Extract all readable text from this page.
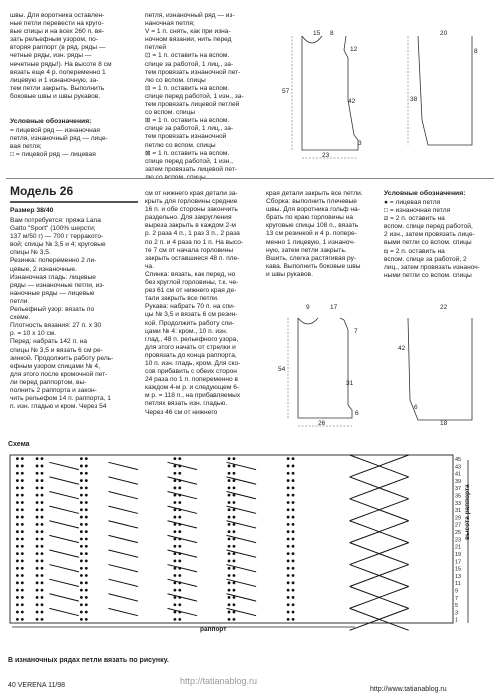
швы. Для воротника оставлен-
ные петли перевести на круго-
вые спицы и на всех 260 п. вя-
зать рельефным узором, по-
вторяя раппорт (в ряд. ряды —
четные ряды, изн. ряды —
нечетные ряды!). На высоте 8 см
вязать еще 4 р. попеременно 1
лицевую и 1 изнаночную, за-
тем петли закрыть. Выполнить
боковые швы и швы рукавов.
Условные обозначения:
= лицевой ряд — изнаночная
петля, изнаночный ряд — лице-
вая петля;
□ = лицевой ряд — лицевая
петля, изнаночный ряд — из-
наночная петля;
V = 1 п. снять, как при изна-
ночном вязании, нить перед
петлей
⊡ = 1 п. оставить на вспом.
спице за работой, 1 лиц., за-
тем провязать изнаночной пет-
лю со вспом. спицы
⊟ = 1 п. оставить на вспом.
спице перед работой, 1 изн., за-
тем провязать лицевой петлей
со вспом. спицы
⊞ = 1 п. оставить на вспом.
спице за работой, 1 лиц., за-
тем провязать изнаночной
петлю со вспом. спицы
⊠ = 1 п. оставить на вспом.
спице перед работой, 1 изн.,
затем провязать лицевой пет-

Модель 26
Размер 38/40
Вам потребуется: пряжа Lana
Gatto "Sport" (100% шерсти;
137 м/50 г) — 700 г терракото-
вой; спицы № 3,5 и 4; круговые
спицы № 3,5.
Резинка: попеременно 2 ли-
цевые, 2 изнаночные.
Изнаночная гладь: лицевые
ряды — изнаночные петли, из-
наночные ряды — лицевые
петли.
Рельефный узор: вязать по
схеме.
Плотность вязания: 27 п. x 30
р. = 10 x 10 см.
Перед: набрать 142 п. на
спицы № 3,5 и вязать 6 см ре-
зинкой. Продолжить работу рель-
ефным узором спицами № 4,
для этого после кромочной пет-
ли перед раппортом, вы-
полнить 2 раппорта и закон-
чить рельефом 14 п. раппорта, 1
п. изн. гладью и кром. Через 54
см от нижнего края детали за-
крыть для горловины средние
16 п. и обе стороны закончить
раздельно. Для закругления
выреза закрыть в каждом 2-м
р. 2 раза 4 п., 1 раз 3 п., 2 раза
по 2 п. и 4 раза по 1 п. На высо-
те 7 см от начала горловины
закрыть оставшиеся 48 п. пле-
ча.
Спинка: вязать, как перед, но
без круглой горловины, т.к. че-
рез 61 см от нижнего края де-
тали закрыть все петли.
Рукава: набрать 70 п. на спи-
цы № 3,5 и вязать 6 см резин-
кой. Продолжить работу спи-
цами № 4: кром., 10 п. изн.
глад., 48 п. рельефного узора,
для этого начать от стрелки и
провязать до конца раппорта,
10 п. изн. гладь, кром. Для ско-
сов прибавить с обеих сторон
24 раза по 1 п. попеременно в
каждом 4-м р. и следующем 6-
м р. = 118 п., на прибавляемых
петлях вязать изн. гладью.
Через 46 см от нижнего
края детали закрыть все петли.
Сборка: выполнить плечевые
швы. Для воротника гольф на-
брать по краю горловины на
круговые спицы 108 п., вязать
13 см резинкой и 4 р. попере-
менно 1 лицевую, 1 изнаноч-
ную, затем петли закрыть.
Вшить, слегка растягивая ру-
кава. Выполнить боковые швы
и швы рукавов.
Условные обозначения:
● = лицевая петля
□ = изнаночная петля
⧄ = 2 п. оставить на
вспом. спице перед работой,
2 изн., затем провязать лице-
выми петли со вспом. спицы
⧅ = 2 п. оставить на
вспом. спице за работой, 2
лиц., затем провязать изнаноч-
ными петли со вспом. спицы
15 8
12
57
42
3
23
20
8
38
9	17
7
54
31
6
26
22
42
6
18
Схема
45
43
41
39
37
35
33
31
29
27
25
23
21
19
17
15
13
11
9
7
5
3
1
раппорт
высота раппорта
В изнаночных рядах петли вязать по рисунку.
40 VERENA 11/98	http://tatianablog.ru
http://www.tatianablog.ru
